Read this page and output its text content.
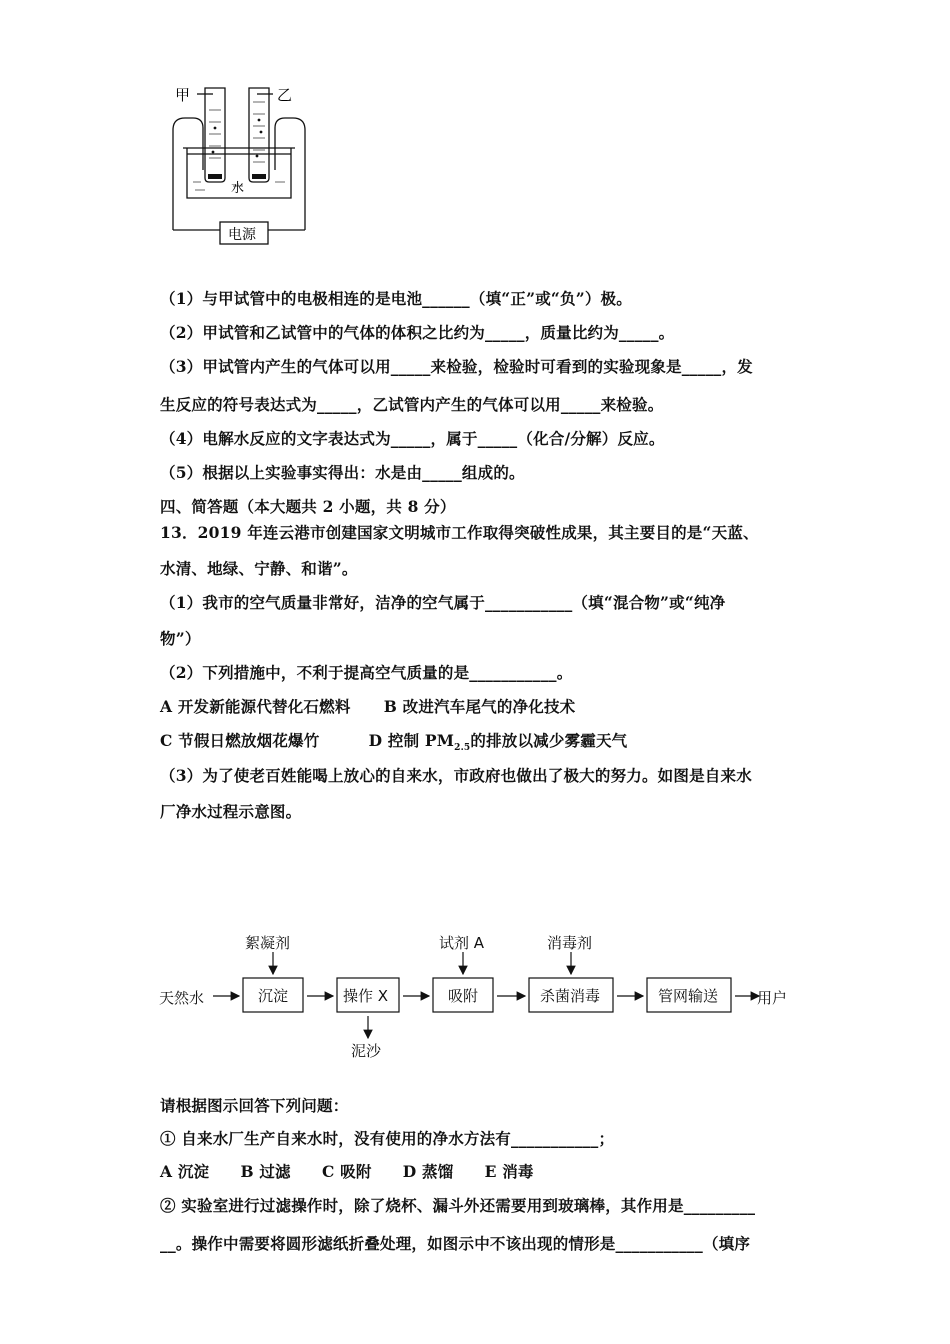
甲	乙
水
电源
（1）与甲试管中的电极相连的是电池______（填“正”或“负”）极。
（2）甲试管和乙试管中的气体的体积之比约为_____，质量比约为_____。
（3）甲试管内产生的气体可以用_____来检验，检验时可看到的实验现象是_____，发
生反应的符号表达式为_____，乙试管内产生的气体可以用_____来检验。
（4）电解水反应的文字表达式为_____，属于_____（化合/分解）反应。
（5）根据以上实验事实得出：水是由_____组成的。
四、简答题（本大题共 2 小题，共 8 分）
13．2019 年连云港市创建国家文明城市工作取得突破性成果，其主要目的是“天蓝、
水清、地绿、宁静、和谐”。
（1）我市的空气质量非常好，洁净的空气属于___________（填“混合物”或“纯净
物”）
（2）下列措施中，不利于提高空气质量的是___________。
A 开发新能源代替化石燃料 B 改进汽车尾气的净化技术
C 节假日燃放烟花爆竹	D 控制 $PM_{2.5}$的排放以减少雾霾天气
（3）为了使老百姓能喝上放心的自来水，市政府也做出了极大的努力。如图是自来水
厂净水过程示意图。
天然水
絮凝剂	试剂 A	消毒剂
泥沙
用户
沉淀	操作 X	吸附	杀菌消毒	管网输送
请根据图示回答下列问题：
① 自来水厂生产自来水时，没有使用的净水方法有___________；
A 沉淀 B 过滤 C 吸附 D 蒸馏 E 消毒
② 实验室进行过滤操作时，除了烧杯、漏斗外还需要用到玻璃棒，其作用是_________
__。操作中需要将圆形滤纸折叠处理，如图示中不该出现的情形是___________（填序
